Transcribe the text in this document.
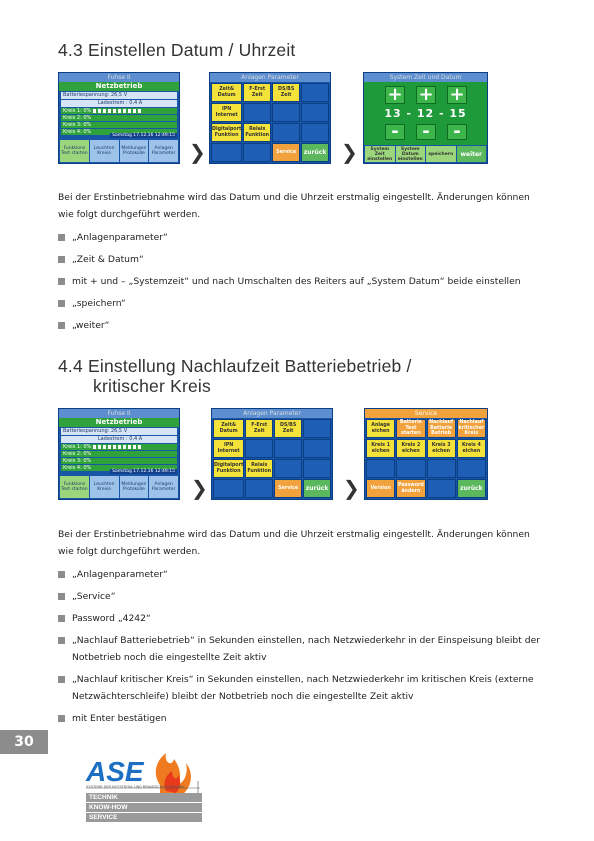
4.3 Einstellen Datum / Uhrzeit
Fuhse II
Netzbetrieb
Batteriespannung: 26,5 V
Ladestrom : 0,4 A
Kreis 1: 0%
Kreis 2: 0%
Kreis 3: 0%
Kreis 4: 0%
Samstag 17.12.16 12:49:15
Funktions Test starten
Leuchten Kreise
Meldungen Protokolle
Anlagen Parameter ❯
Anlagen Parameter
Zeit& Datum
F-Erst Zeit
DS/BS Zeit
IPN Internet
Digitalport Funktion
Relais Funktion
Service	zurück ❯
System Zeit und Datum
+ + +
13 - 12 - 15
-	-	-
System Zeit einstellen
System Datum einstellen
speichern	weiter

Bei der Erstinbetriebnahme wird das Datum und die Uhrzeit erstmalig eingestellt. Änderungen können wie folgt durchgeführt werden.

„Anlagenparameter“
„Zeit & Datum“
mit + und – „Systemzeit“ und nach Umschalten des Reiters auf „System Datum“ beide einstellen
„speichern“
„weiter“
4.4 Einstellung Nachlaufzeit Batteriebetrieb /
kritischer Kreis
Fuhse II
Netzbetrieb
Batteriespannung: 26,5 V
Ladestrom : 0,4 A
Kreis 1: 0%
Kreis 2: 0%
Kreis 3: 0%
Kreis 4: 0%
Samstag 17.12.16 12:49:15
Funktions Test starten
Leuchten Kreise
Meldungen Protokolle
Anlagen Parameter ❯
Anlagen Parameter
Zeit& Datum
F-Erst Zeit
DS/BS Zeit
IPN Internet
Digitalport Funktion
Relais Funktion
Service	zurück ❯
Service
Anlage eichen
Batterie Test starten
Nachlauf Batterie Betrieb
Nachlauf kritischer Kreis
Kreis 1 eichen
Kreis 2 eichen
Kreis 3 eichen
Kreis 4 eichen
Version
Password ändern	zurück

Bei der Erstinbetriebnahme wird das Datum und die Uhrzeit erstmalig eingestellt. Änderungen können wie folgt durchgeführt werden.

„Anlagenparameter“
„Service“
Password „4242“
„Nachlauf Batteriebetrieb“ in Sekunden einstellen, nach Netzwiederkehr in der Einspeisung bleibt der Notbetrieb noch die eingestellte Zeit aktiv
„Nachlauf kritischer Kreis“ in Sekunden einstellen, nach Netzwiederkehr im kritischen Kreis (externe Netzwächterschleife) bleibt der Notbetrieb noch die eingestellte Zeit aktiv
mit Enter bestätigen
30
ASE
SYSTEME DER NOTSTROM- UND BRANDSCHUTZTECHNIK
TECHNIK
KNOW-HOW
SERVICE
